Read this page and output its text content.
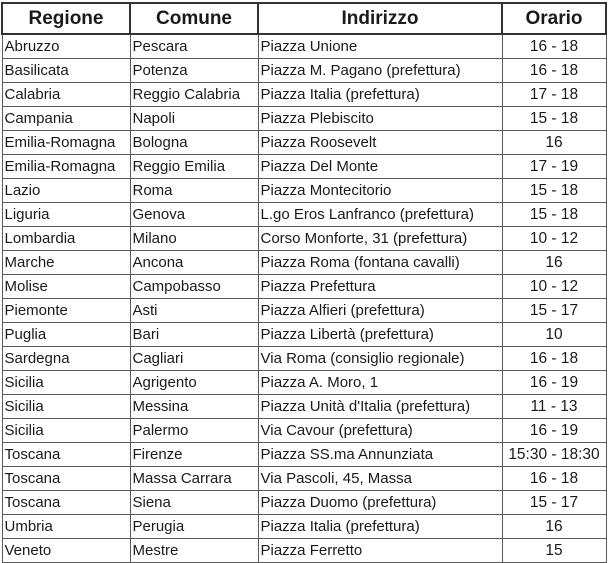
Regione	Comune	Indirizzo	Orario
Abruzzo	Pescara	Piazza Unione	16 - 18
Basilicata	Potenza	Piazza M. Pagano (prefettura)	16 - 18
Calabria	Reggio Calabria	Piazza Italia (prefettura)	17 - 18
Campania	Napoli	Piazza Plebiscito	15 - 18
Emilia-Romagna	Bologna	Piazza Roosevelt	16
Emilia-Romagna	Reggio Emilia	Piazza Del Monte	17 - 19
Lazio	Roma	Piazza Montecitorio	15 - 18
Liguria	Genova	L.go Eros Lanfranco (prefettura)	15 - 18
Lombardia	Milano	Corso Monforte, 31 (prefettura)	10 - 12
Marche	Ancona	Piazza Roma (fontana cavalli)	16
Molise	Campobasso	Piazza Prefettura	10 - 12
Piemonte	Asti	Piazza Alfieri (prefettura)	15 - 17
Puglia	Bari	Piazza Libertà (prefettura)	10
Sardegna	Cagliari	Via Roma (consiglio regionale)	16 - 18
Sicilia	Agrigento	Piazza A. Moro, 1	16 - 19
Sicilia	Messina	Piazza Unità d'Italia (prefettura)	11 - 13
Sicilia	Palermo	Via Cavour (prefettura)	16 - 19
Toscana	Firenze	Piazza SS.ma Annunziata	15:30 - 18:30
Toscana	Massa Carrara	Via Pascoli, 45, Massa	16 - 18
Toscana	Siena	Piazza Duomo (prefettura)	15 - 17
Umbria	Perugia	Piazza Italia (prefettura)	16
Veneto	Mestre	Piazza Ferretto	15
